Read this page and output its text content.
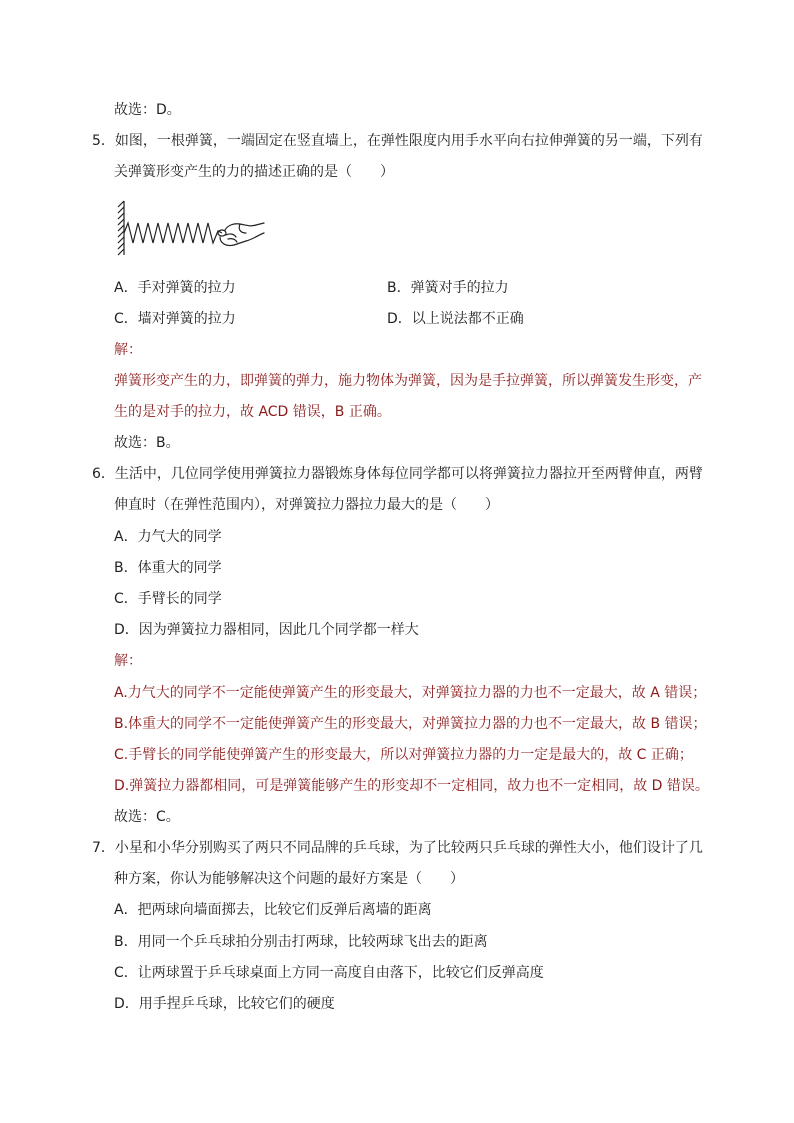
故选：D。
5．如图，一根弹簧，一端固定在竖直墙上，在弹性限度内用手水平向右拉伸弹簧的另一端，下列有
关弹簧形变产生的力的描述正确的是（　　）
A．手对弹簧的拉力	B．弹簧对手的拉力
C．墙对弹簧的拉力	D．以上说法都不正确
解：
弹簧形变产生的力，即弹簧的弹力，施力物体为弹簧，因为是手拉弹簧，所以弹簧发生形变，产
生的是对手的拉力，故 ACD 错误，B 正确。
故选：B。
6．生活中，几位同学使用弹簧拉力器锻炼身体每位同学都可以将弹簧拉力器拉开至两臂伸直，两臂
伸直时（在弹性范围内），对弹簧拉力器拉力最大的是（　　）
A．力气大的同学
B．体重大的同学
C．手臂长的同学
D．因为弹簧拉力器相同，因此几个同学都一样大
解：
A.力气大的同学不一定能使弹簧产生的形变最大，对弹簧拉力器的力也不一定最大，故 A 错误；
B.体重大的同学不一定能使弹簧产生的形变最大，对弹簧拉力器的力也不一定最大，故 B 错误；
C.手臂长的同学能使弹簧产生的形变最大，所以对弹簧拉力器的力一定是最大的，故 C 正确；
D.弹簧拉力器都相同，可是弹簧能够产生的形变却不一定相同，故力也不一定相同，故 D 错误。
故选：C。
7．小星和小华分别购买了两只不同品牌的乒乓球，为了比较两只乒乓球的弹性大小，他们设计了几
种方案，你认为能够解决这个问题的最好方案是（　　）
A．把两球向墙面掷去，比较它们反弹后离墙的距离
B．用同一个乒乓球拍分别击打两球，比较两球飞出去的距离
C．让两球置于乒乓球桌面上方同一高度自由落下，比较它们反弹高度
D．用手捏乒乓球，比较它们的硬度
